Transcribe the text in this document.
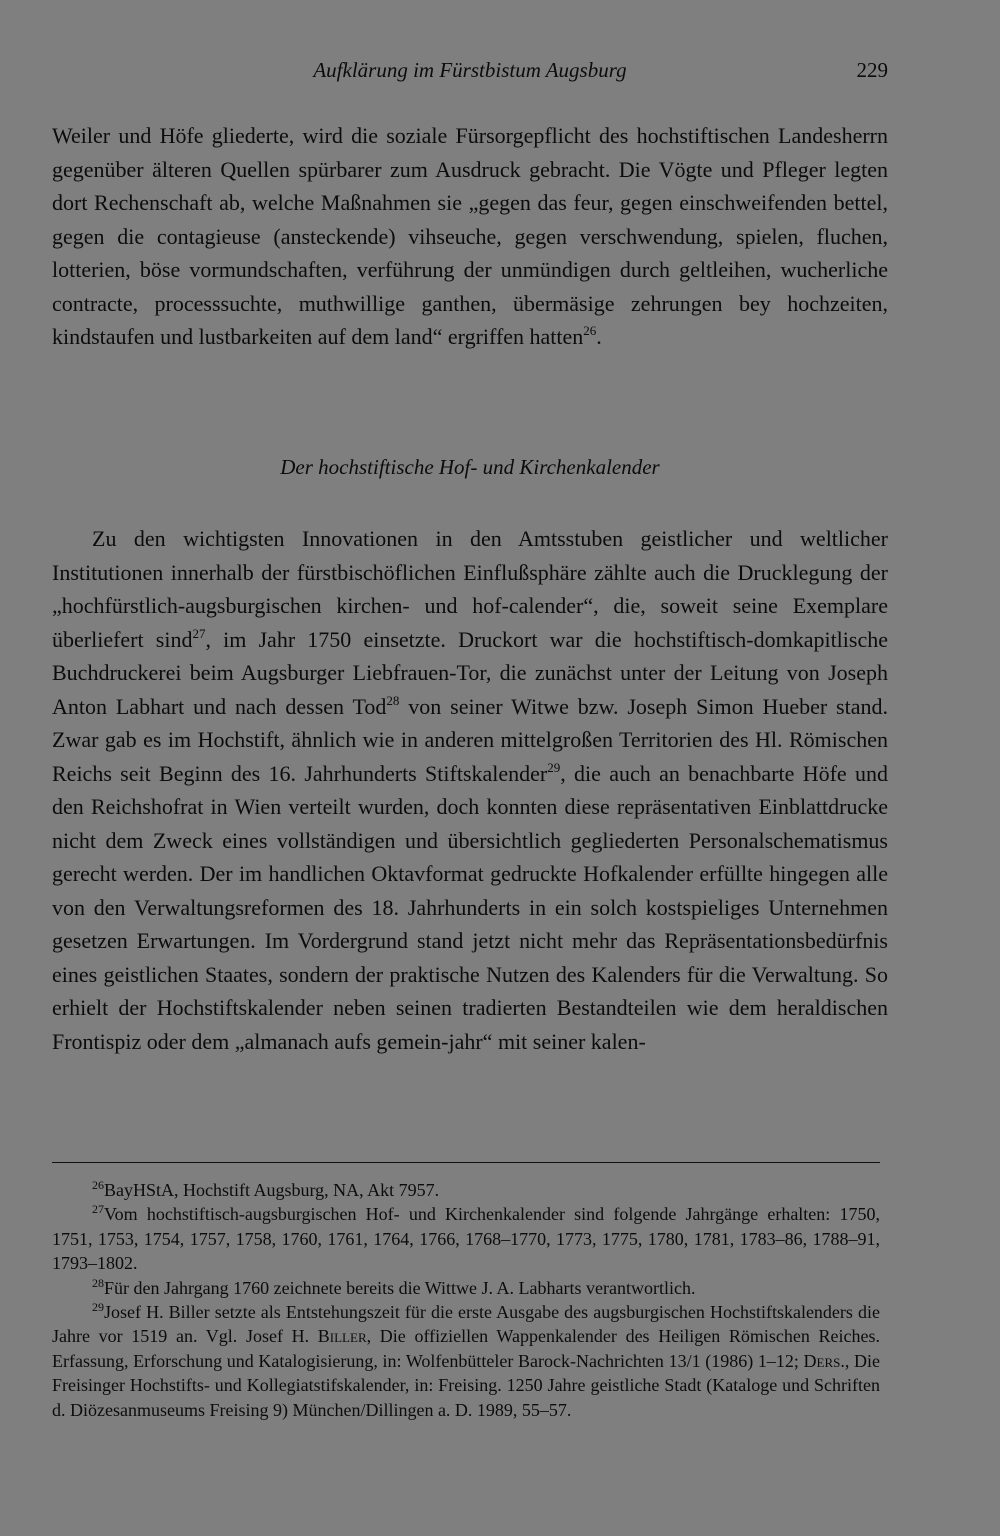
Aufklärung im Fürstbistum Augsburg	229

Weiler und Höfe gliederte, wird die soziale Fürsorgepflicht des hochstiftischen Landesherrn gegenüber älteren Quellen spürbarer zum Ausdruck gebracht. Die Vögte und Pfleger legten dort Rechenschaft ab, welche Maßnahmen sie „gegen das feur, gegen einschweifenden bettel, gegen die contagieuse (ansteckende) vihseuche, gegen verschwendung, spielen, fluchen, lotterien, böse vormundschaften, verführung der unmündigen durch geltleihen, wucherliche contracte, processsuchte, muthwillige ganthen, übermäsige zehrungen bey hochzeiten, kindstaufen und lustbarkeiten auf dem land“ ergriffen hatten$^{26}$.

Der hochstiftische Hof- und Kirchenkalender

Zu den wichtigsten Innovationen in den Amtsstuben geistlicher und weltlicher Institutionen innerhalb der fürstbischöflichen Einflußsphäre zählte auch die Drucklegung der „hochfürstlich-augsburgischen kirchen- und hof-calender“, die, soweit seine Exemplare überliefert sind$^{27}$, im Jahr 1750 einsetzte. Druckort war die hochstiftisch-domkapitlische Buchdruckerei beim Augsburger Liebfrauen-Tor, die zunächst unter der Leitung von Joseph Anton Labhart und nach dessen Tod$^{28}$ von seiner Witwe bzw. Joseph Simon Hueber stand. Zwar gab es im Hochstift, ähnlich wie in anderen mittelgroßen Territorien des Hl. Römischen Reichs seit Beginn des 16. Jahrhunderts Stiftskalender$^{29}$, die auch an benachbarte Höfe und den Reichshofrat in Wien verteilt wurden, doch konnten diese repräsentativen Einblattdrucke nicht dem Zweck eines vollständigen und übersichtlich gegliederten Personalschematismus gerecht werden. Der im handlichen Oktavformat gedruckte Hofkalender erfüllte hingegen alle von den Verwaltungsreformen des 18. Jahrhunderts in ein solch kostspieliges Unternehmen gesetzen Erwartungen. Im Vordergrund stand jetzt nicht mehr das Repräsentationsbedürfnis eines geistlichen Staates, sondern der praktische Nutzen des Kalenders für die Verwaltung. So erhielt der Hochstiftskalender neben seinen tradierten Bestandteilen wie dem heraldischen Frontispiz oder dem „almanach aufs gemein-jahr“ mit seiner kalen-

26BayHStA, Hochstift Augsburg, NA, Akt 7957.

27Vom hochstiftisch-augsburgischen Hof- und Kirchenkalender sind folgende Jahrgänge erhalten: 1750, 1751, 1753, 1754, 1757, 1758, 1760, 1761, 1764, 1766, 1768–1770, 1773, 1775, 1780, 1781, 1783–86, 1788–91, 1793–1802.

28Für den Jahrgang 1760 zeichnete bereits die Wittwe J. A. Labharts verantwortlich.

29Josef H. Biller setzte als Entstehungszeit für die erste Ausgabe des augsburgischen Hochstiftskalenders die Jahre vor 1519 an. Vgl. Josef H. Biller, Die offiziellen Wappenkalender des Heiligen Römischen Reiches. Erfassung, Erforschung und Katalogisierung, in: Wolfenbütteler Barock-Nachrichten 13/1 (1986) 1–12; Ders., Die Freisinger Hochstifts- und Kollegiatstifskalender, in: Freising. 1250 Jahre geistliche Stadt (Kataloge und Schriften d. Diözesanmuseums Freising 9) München/Dillingen a. D. 1989, 55–57.
